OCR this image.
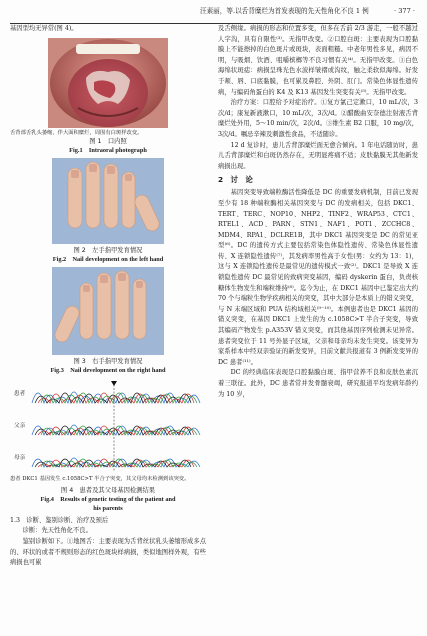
汪素丽，等.以舌背糜烂为首发表现的先天性角化不良 1 例	· 377 ·
基因型均无异常(图 4)。
舌背部舌乳头萎缩，伴大面积糜烂，周围有白斑样改变。
图 1　口内照
Fig.1　Intraoral photograph
图 2　左手指甲发育情况
Fig.2　Nail development on the left hand
图 3　右手指甲发育情况
Fig.3　Nail development on the right hand
患者
父亲
母亲
患者 DKC1 基因发生 c.1058C>T 半合子突变，其父母均未检测到该突变。
图 4　患者及其父母基因检测结果
Fig.4　Results of genetic testing of the patient and
his parents
1.3　诊断、鉴别诊断、治疗及预后
诊断：先天性角化不良。
鉴别诊断如下。①地图舌：主要表现为舌背丝状乳头萎缩形成多点的、环状的或者不规则形态的红色斑块样病损，类似地图样外观，有些病损也可累
及舌侧缘。病损的形态和位置多变，但多在舌前 2/3 游走，一般不越过人字沟，具有自限性⁽³⁾。无指甲改变。②口腔白斑：主要表现为口腔黏膜上不能擦掉的白色斑片或斑块，表面粗糙。中老年男性多见，病因不明，与吸烟、饮酒、咀嚼槟榔等不良习惯有关⁽⁴⁾。无指甲改变。③白色海绵状斑痣：病损呈珠光色水波样皱褶或沟纹，触之柔软似海绵。好发于颊、唇、口底黏膜，也可累及鼻腔、外阴、肛门。常染色体显性遗传病，与编码角蛋白的 K4 及 K13 基因发生突变有关⁽⁵⁾。无指甲改变。
治疗方案：口腔给予对症治疗。①复方氯己定漱口，10 mL/次，3次/d；康复新液漱口，10 mL/次，3次/d。②醋酸曲安奈德注射液舌背糜烂处外用，5～10 min/次，2次/d。③维生素 B2 口服，10 mg/次，3次/d。嘱忌辛辣及刺激性食品，不适随诊。
12 d 复诊时，患儿舌背部糜烂面无愈合倾向。1 年电话随访时，患儿舌背部糜烂和白斑仍然存在，无明显疼痛不适；皮肤黏膜无其他新发病损出现。
2　讨　论
基因突变导致端粒酶活性降低是 DC 的重要发病机制，目前已发现至少有 18 种端粒酶相关基因突变与 DC 的发病相关，包括 DKC1、TERT、TERC、NOP10、NHP2、TINF2、WRAP53、CTC1、RTEL1、ACD、PARN、STN1、NAF1、POT1、ZCCHC8、MDM4、RPA1、DCLRE1B，其中 DKC1 基因突变是 DC 的常见亚型⁽⁶⁾。DC 的遗传方式主要包括常染色体隐性遗传、常染色体显性遗传、X 连锁隐性遗传⁽⁷⁾，其发病率男性高于女性(男：女约为 13：1)，这与 X 连锁隐性遗传是最常见的遗传模式一致⁽²⁾。DKC1 是导致 X 连锁隐性遗传 DC 最常见的致病突变基因，编码 dyskerin 蛋白，负责核糖体生物发生和端粒维持⁽⁸⁾。迄今为止，在 DKC1 基因中已鉴定出大约 70 个与端粒生物学疾病相关的突变，其中大部分是本质上的错义突变，与 N 末端区域和 PUA 结构域相关⁽⁹⁻¹⁰⁾。本例患者也是 DKC1 基因的错义突变，在基因 DKC1 上发生的为 c.1058C>T 半合子突变，导致其编码产物发生 p.A353V 错义突变，而其他基因序列检测未见异常。患者突变位于 11 号外显子区域，父亲和母亲均未发生突变。该变异为家系样本中经双亲验证的新发变异，目前文献共报道有 3 例新发变异的 DC 患者⁽¹¹⁾。
DC 的经典临床表现是口腔黏膜白斑、指甲营养不良和皮肤色素沉着三联征。此外，DC 患者常并发骨髓衰竭，研究报道平均发病年龄约为 10 岁，
